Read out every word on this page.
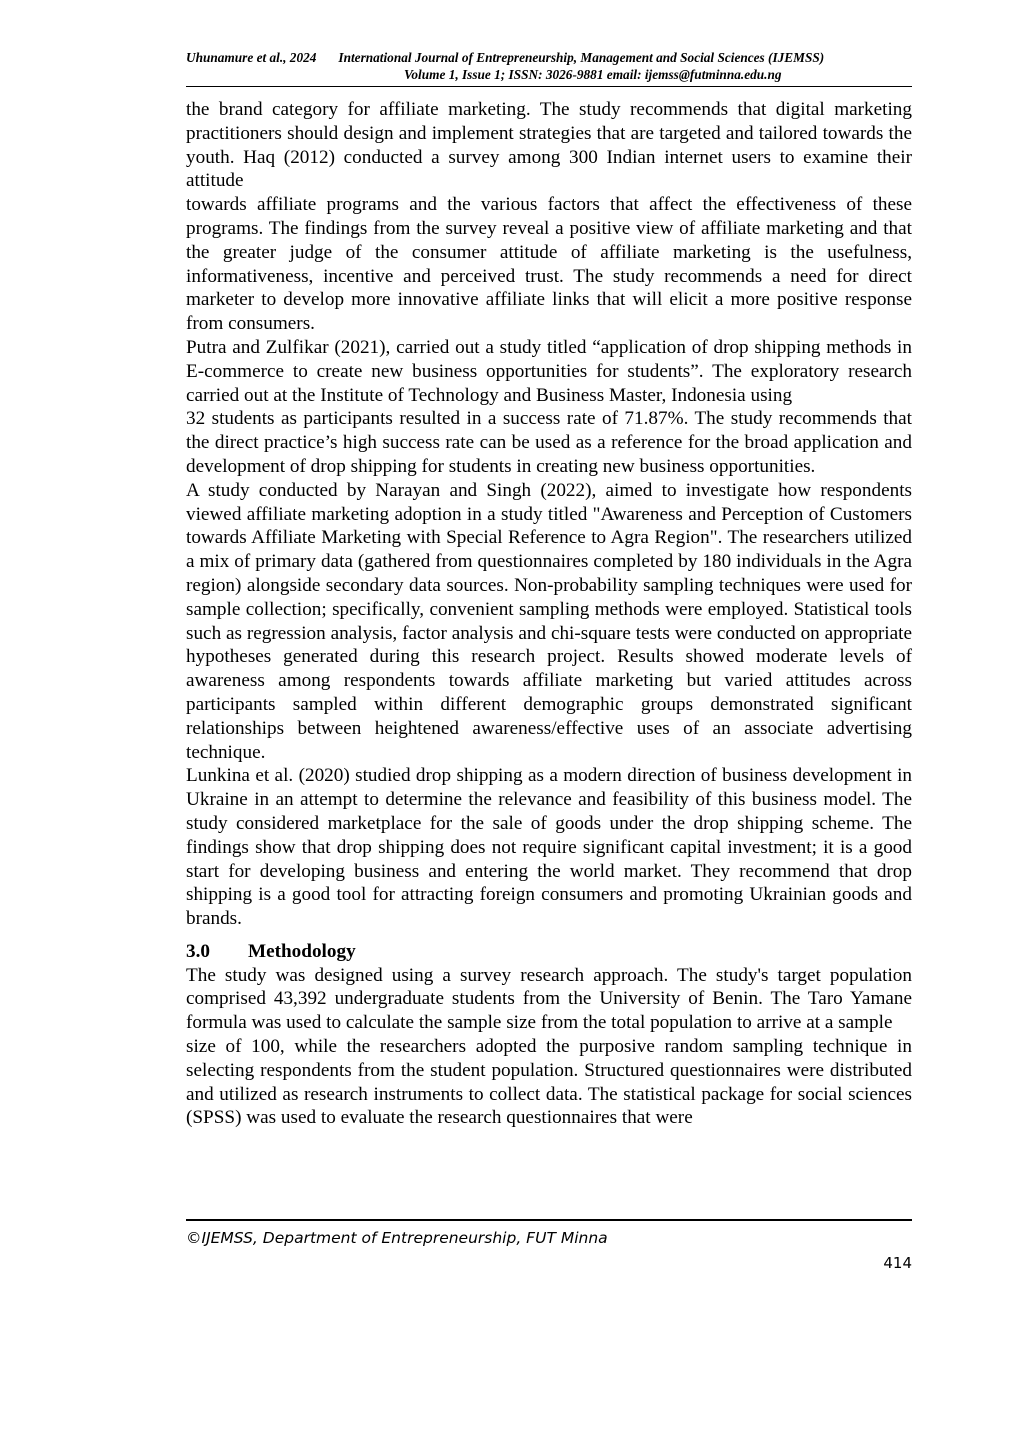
Uhunamure et al., 2024 International Journal of Entrepreneurship, Management and Social Sciences (IJEMSS)
Volume 1, Issue 1; ISSN: 3026-9881 email: ijemss@futminna.edu.ng

the brand category for affiliate marketing. The study recommends that digital marketing practitioners should design and implement strategies that are targeted and tailored towards the youth. Haq (2012) conducted a survey among 300 Indian internet users to examine their attitude

towards affiliate programs and the various factors that affect the effectiveness of these programs. The findings from the survey reveal a positive view of affiliate marketing and that the greater judge of the consumer attitude of affiliate marketing is the usefulness, informativeness, incentive and perceived trust. The study recommends a need for direct marketer to develop more innovative affiliate links that will elicit a more positive response from consumers.

Putra and Zulfikar (2021), carried out a study titled “application of drop shipping methods in E-commerce to create new business opportunities for students”. The exploratory research carried out at the Institute of Technology and Business Master, Indonesia using

32 students as participants resulted in a success rate of 71.87%. The study recommends that the direct practice’s high success rate can be used as a reference for the broad application and development of drop shipping for students in creating new business opportunities.

A study conducted by Narayan and Singh (2022), aimed to investigate how respondents viewed affiliate marketing adoption in a study titled "Awareness and Perception of Customers towards Affiliate Marketing with Special Reference to Agra Region". The researchers utilized a mix of primary data (gathered from questionnaires completed by 180 individuals in the Agra region) alongside secondary data sources. Non-probability sampling techniques were used for sample collection; specifically, convenient sampling methods were employed. Statistical tools such as regression analysis, factor analysis and chi-square tests were conducted on appropriate hypotheses generated during this research project. Results showed moderate levels of awareness among respondents towards affiliate marketing but varied attitudes across participants sampled within different demographic groups demonstrated significant relationships between heightened awareness/effective uses of an associate advertising technique.

Lunkina et al. (2020) studied drop shipping as a modern direction of business development in Ukraine in an attempt to determine the relevance and feasibility of this business model. The study considered marketplace for the sale of goods under the drop shipping scheme. The findings show that drop shipping does not require significant capital investment; it is a good start for developing business and entering the world market. They recommend that drop shipping is a good tool for attracting foreign consumers and promoting Ukrainian goods and brands.

3.0 Methodology

The study was designed using a survey research approach. The study's target population comprised 43,392 undergraduate students from the University of Benin. The Taro Yamane formula was used to calculate the sample size from the total population to arrive at a sample

size of 100, while the researchers adopted the purposive random sampling technique in selecting respondents from the student population. Structured questionnaires were distributed and utilized as research instruments to collect data. The statistical package for social sciences (SPSS) was used to evaluate the research questionnaires that were

©IJEMSS, Department of Entrepreneurship, FUT Minna
414
